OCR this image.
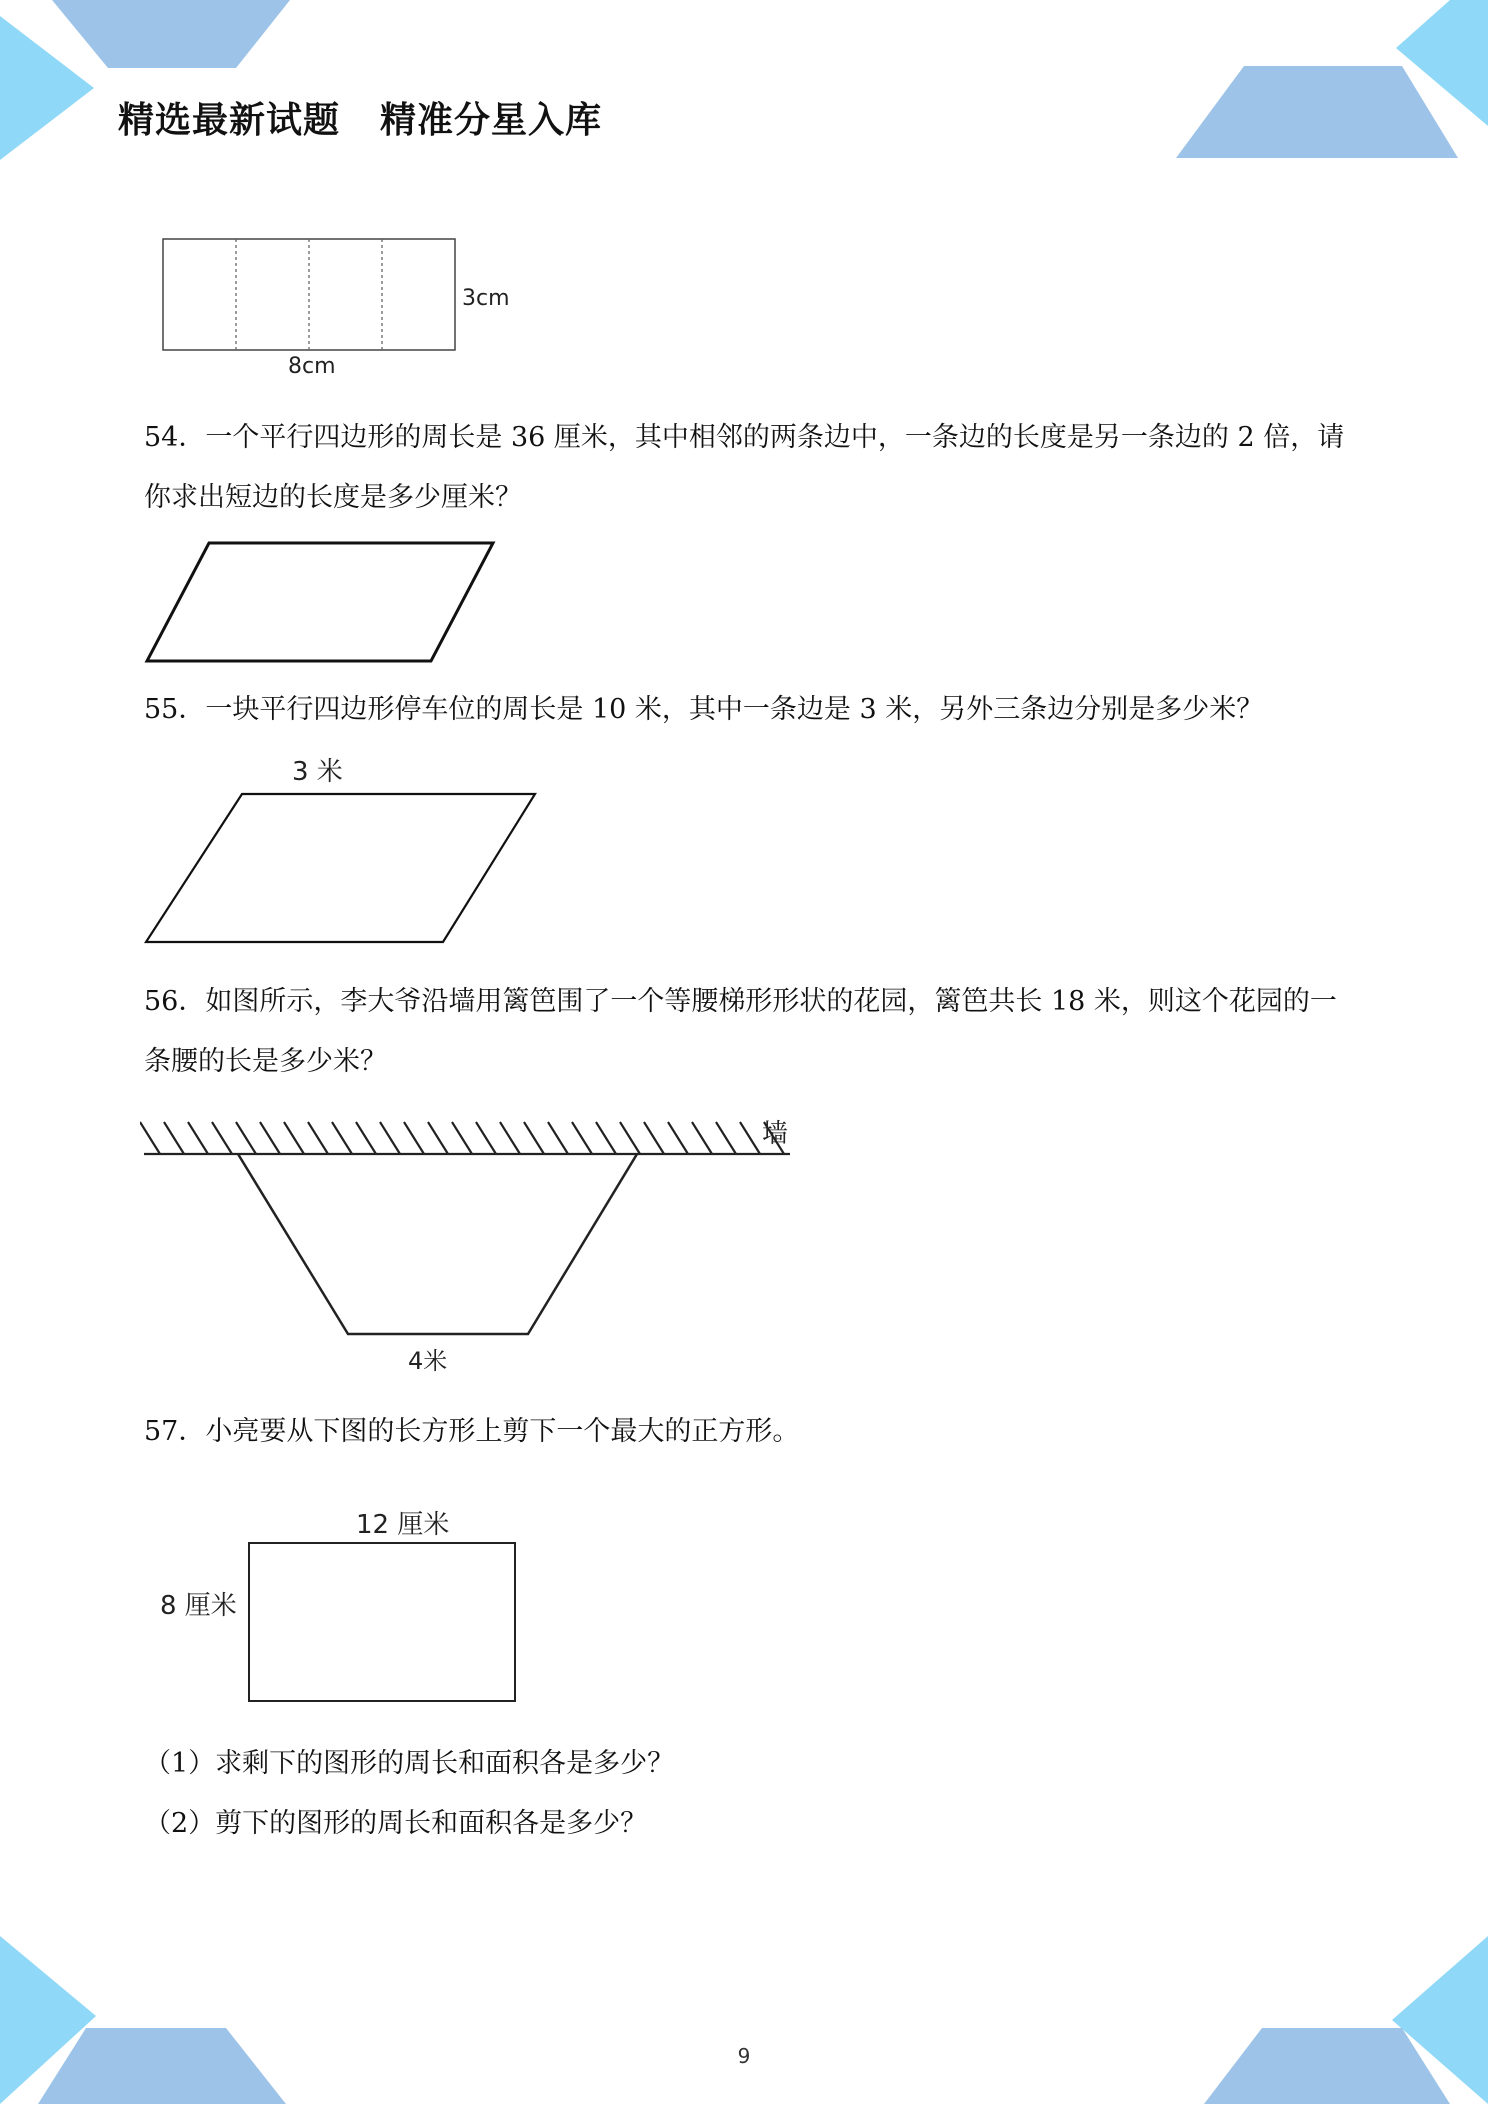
精选最新试题 精准分星入库
3cm
8cm
54．一个平行四边形的周长是 36 厘米，其中相邻的两条边中，一条边的长度是另一条边的 2 倍，请你求出短边的长度是多少厘米？
55．一块平行四边形停车位的周长是 10 米，其中一条边是 3 米，另外三条边分别是多少米？
3 米
56．如图所示，李大爷沿墙用篱笆围了一个等腰梯形形状的花园，篱笆共长 18 米，则这个花园的一条腰的长是多少米？
墙
4米
57．小亮要从下图的长方形上剪下一个最大的正方形。
12 厘米
8 厘米
（1）求剩下的图形的周长和面积各是多少？
（2）剪下的图形的周长和面积各是多少？
9
